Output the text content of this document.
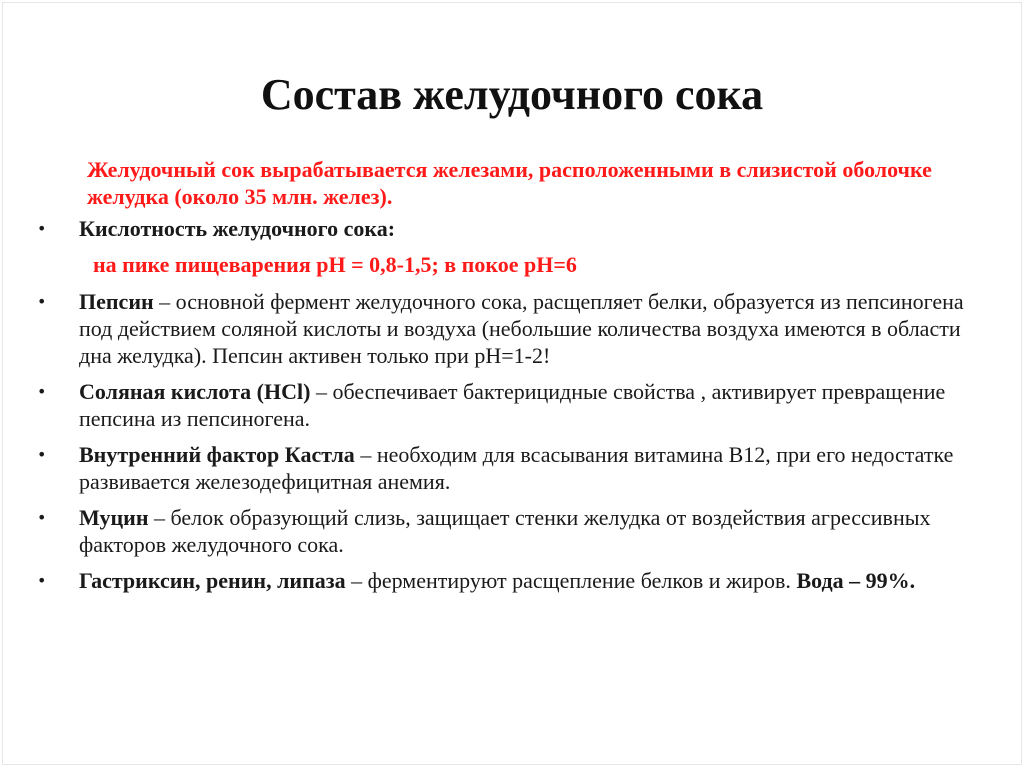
Состав желудочного сока
Желудочный сок вырабатывается железами, расположенными в слизистой оболочке желудка (около 35 млн. желез).
•	Кислотность желудочного сока:
на пике пищеварения рН = 0,8-1,5; в покое рН=6
•	Пепсин – основной фермент желудочного сока, расщепляет белки, образуется из пепсиногена под действием соляной кислоты и воздуха (небольшие количества воздуха имеются в области дна желудка). Пепсин активен только при рН=1-2!
•	Соляная кислота (HCl) – обеспечивает бактерицидные свойства , активирует превращение пепсина из пепсиногена.
•	Внутренний фактор Кастла – необходим для всасывания витамина В12, при его недостатке развивается железодефицитная анемия.
•	Муцин – белок образующий слизь, защищает стенки желудка от воздействия агрессивных факторов желудочного сока.
•	Гастриксин, ренин, липаза – ферментируют расщепление белков и жиров. Вода – 99%.
